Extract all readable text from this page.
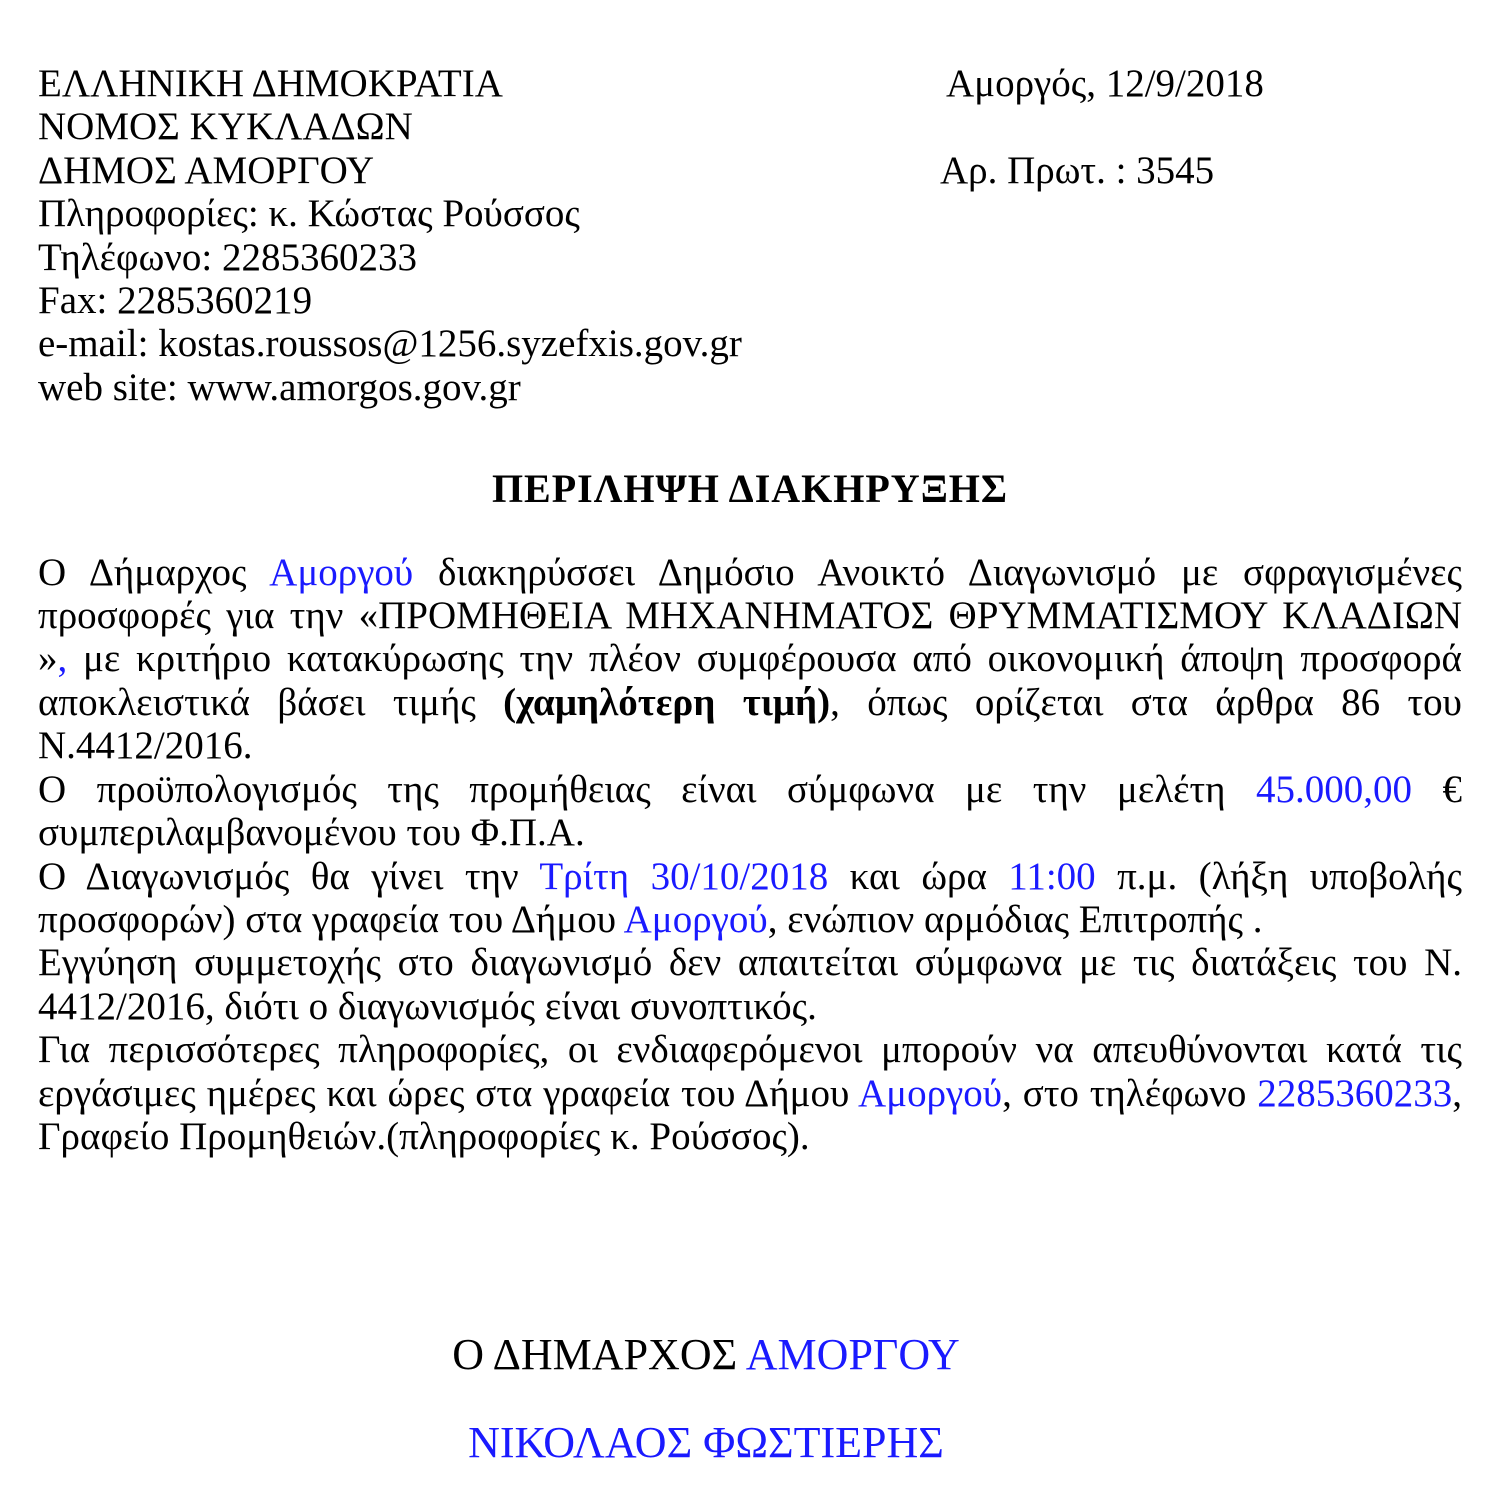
ΕΛΛΗΝΙΚΗ ΔΗΜΟΚΡΑΤΙΑ
ΝΟΜΟΣ ΚΥΚΛΑΔΩΝ
ΔΗΜΟΣ ΑΜΟΡΓΟΥ
Πληροφορίες: κ. Κώστας Ρούσσος
Τηλέφωνο: 2285360233
Fax: 2285360219
e-mail: kostas.roussos@1256.syzefxis.gov.gr
web site: www.amorgos.gov.gr
Αμοργός, 12/9/2018
Αρ. Πρωτ. : 3545
ΠΕΡΙΛΗΨΗ ΔΙΑΚΗΡΥΞΗΣ

Ο Δήμαρχος Αμοργού διακηρύσσει Δημόσιο Ανοικτό Διαγωνισμό με σφραγισμένες προσφορές για την «ΠΡΟΜΗΘΕΙΑ ΜΗΧΑΝΗΜΑΤΟΣ ΘΡΥΜΜΑΤΙΣΜΟΥ ΚΛΑΔΙΩΝ », με κριτήριο κατακύρωσης την πλέον συμφέρουσα από οικονομική άποψη προσφορά αποκλειστικά βάσει τιμής (χαμηλότερη τιμή), όπως ορίζεται στα άρθρα 86 του Ν.4412/2016.

Ο προϋπολογισμός της προμήθειας είναι σύμφωνα με την μελέτη 45.000,00 € συμπεριλαμβανομένου του Φ.Π.Α.

Ο Διαγωνισμός θα γίνει την Τρίτη 30/10/2018 και ώρα 11:00 π.μ. (λήξη υποβολής προσφορών) στα γραφεία του Δήμου Αμοργού, ενώπιον αρμόδιας Επιτροπής .

Εγγύηση συμμετοχής στο διαγωνισμό δεν απαιτείται σύμφωνα με τις διατάξεις του Ν. 4412/2016, διότι ο διαγωνισμός είναι συνοπτικός.

Για περισσότερες πληροφορίες, οι ενδιαφερόμενοι μπορούν να απευθύνονται κατά τις εργάσιμες ημέρες και ώρες στα γραφεία του Δήμου Αμοργού, στο τηλέφωνο 2285360233, Γραφείο Προμηθειών.(πληροφορίες κ. Ρούσσος).

Ο ΔΗΜΑΡΧΟΣ ΑΜΟΡΓΟΥ
ΝΙΚΟΛΑΟΣ ΦΩΣΤΙΕΡΗΣ
